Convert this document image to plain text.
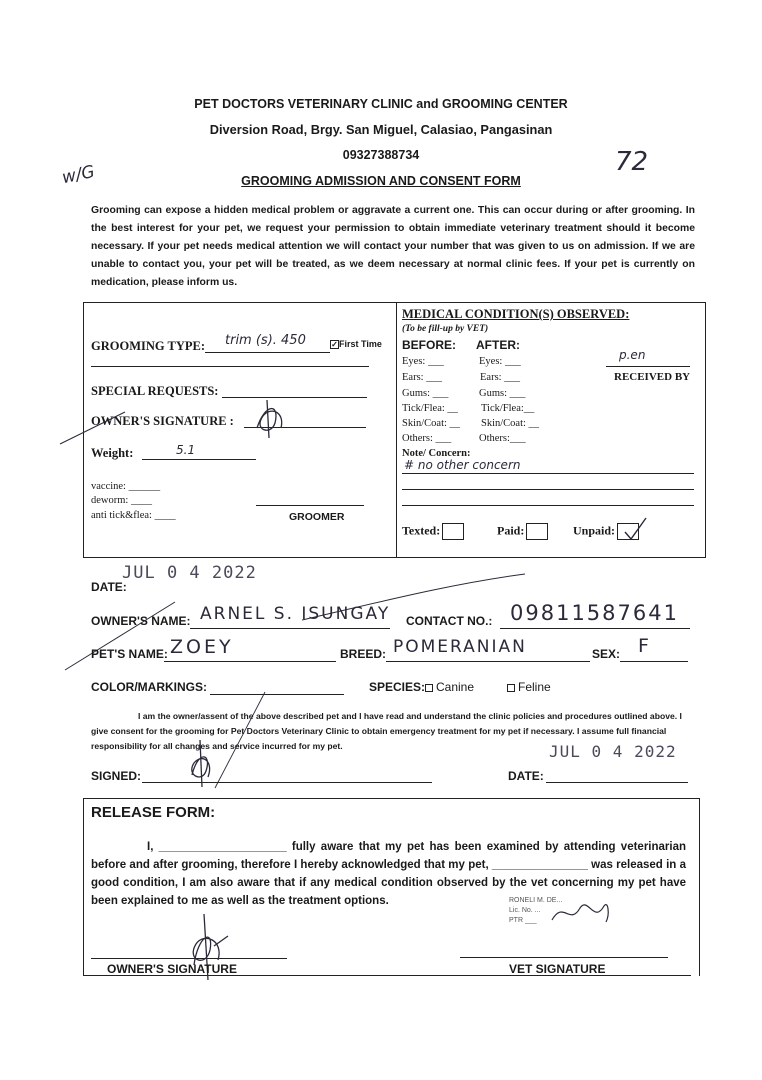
PET DOCTORS VETERINARY CLINIC and GROOMING CENTER
Diversion Road, Brgy. San Miguel, Calasiao, Pangasinan
09327388734
GROOMING ADMISSION AND CONSENT FORM
w/G	72
Grooming can expose a hidden medical problem or aggravate a current one. This can occur during or after grooming. In the best interest for your pet, we request your permission to obtain immediate veterinary treatment should it become necessary. If your pet needs medical attention we will contact your number that was given to us on admission. If we are unable to contact you, your pet will be treated, as we deem necessary at normal clinic fees. If your pet is currently on medication, please inform us.
GROOMING TYPE: trim (s). 450	✓First Time
SPECIAL REQUESTS:
OWNER'S SIGNATURE :
Weight:	5.1
vaccine: ______
deworm: ____
anti tick&flea: ____	GROOMER
MEDICAL CONDITION(S) OBSERVED:
(To be fill-up by VET)
BEFORE: AFTER:
Eyes: ___	Eyes: ___
Ears: ___	Ears: ___
Gums: ___	Gums: ___
Tick/Flea: __ Tick/Flea:__
Skin/Coat: __ Skin/Coat: __
Others: ___	Others:___
p.en
RECEIVED BY
Note/ Concern:
# no other concern
Texted:	Paid:	Unpaid:
DATE:
JUL 0 4 2022
OWNER'S NAME: ARNEL S. ISUNGAY CONTACT NO.: 09811587641
PET'S NAME: ZOEY	BREED: POMERANIAN	SEX: F
COLOR/MARKINGS:	SPECIES: Canine	Feline
I am the owner/assent of the above described pet and I have read and understand the clinic policies and procedures outlined above. I give consent for the grooming for Pet Doctors Veterinary Clinic to obtain emergency treatment for my pet if necessary. I assume full financial responsibility for all changes and service incurred for my pet.
SIGNED:	DATE:
JUL 0 4 2022
RELEASE FORM:
I, ____________________ fully aware that my pet has been examined by attending veterinarian before and after grooming, therefore I hereby acknowledged that my pet, _______________ was released in a good condition, I am also aware that if any medical condition observed by the vet concerning my pet have been explained to me as well as the treatment options.	RONELI M. DE...
Lic. No. ...
PTR ___
OWNER'S SIGNATURE	VET SIGNATURE
